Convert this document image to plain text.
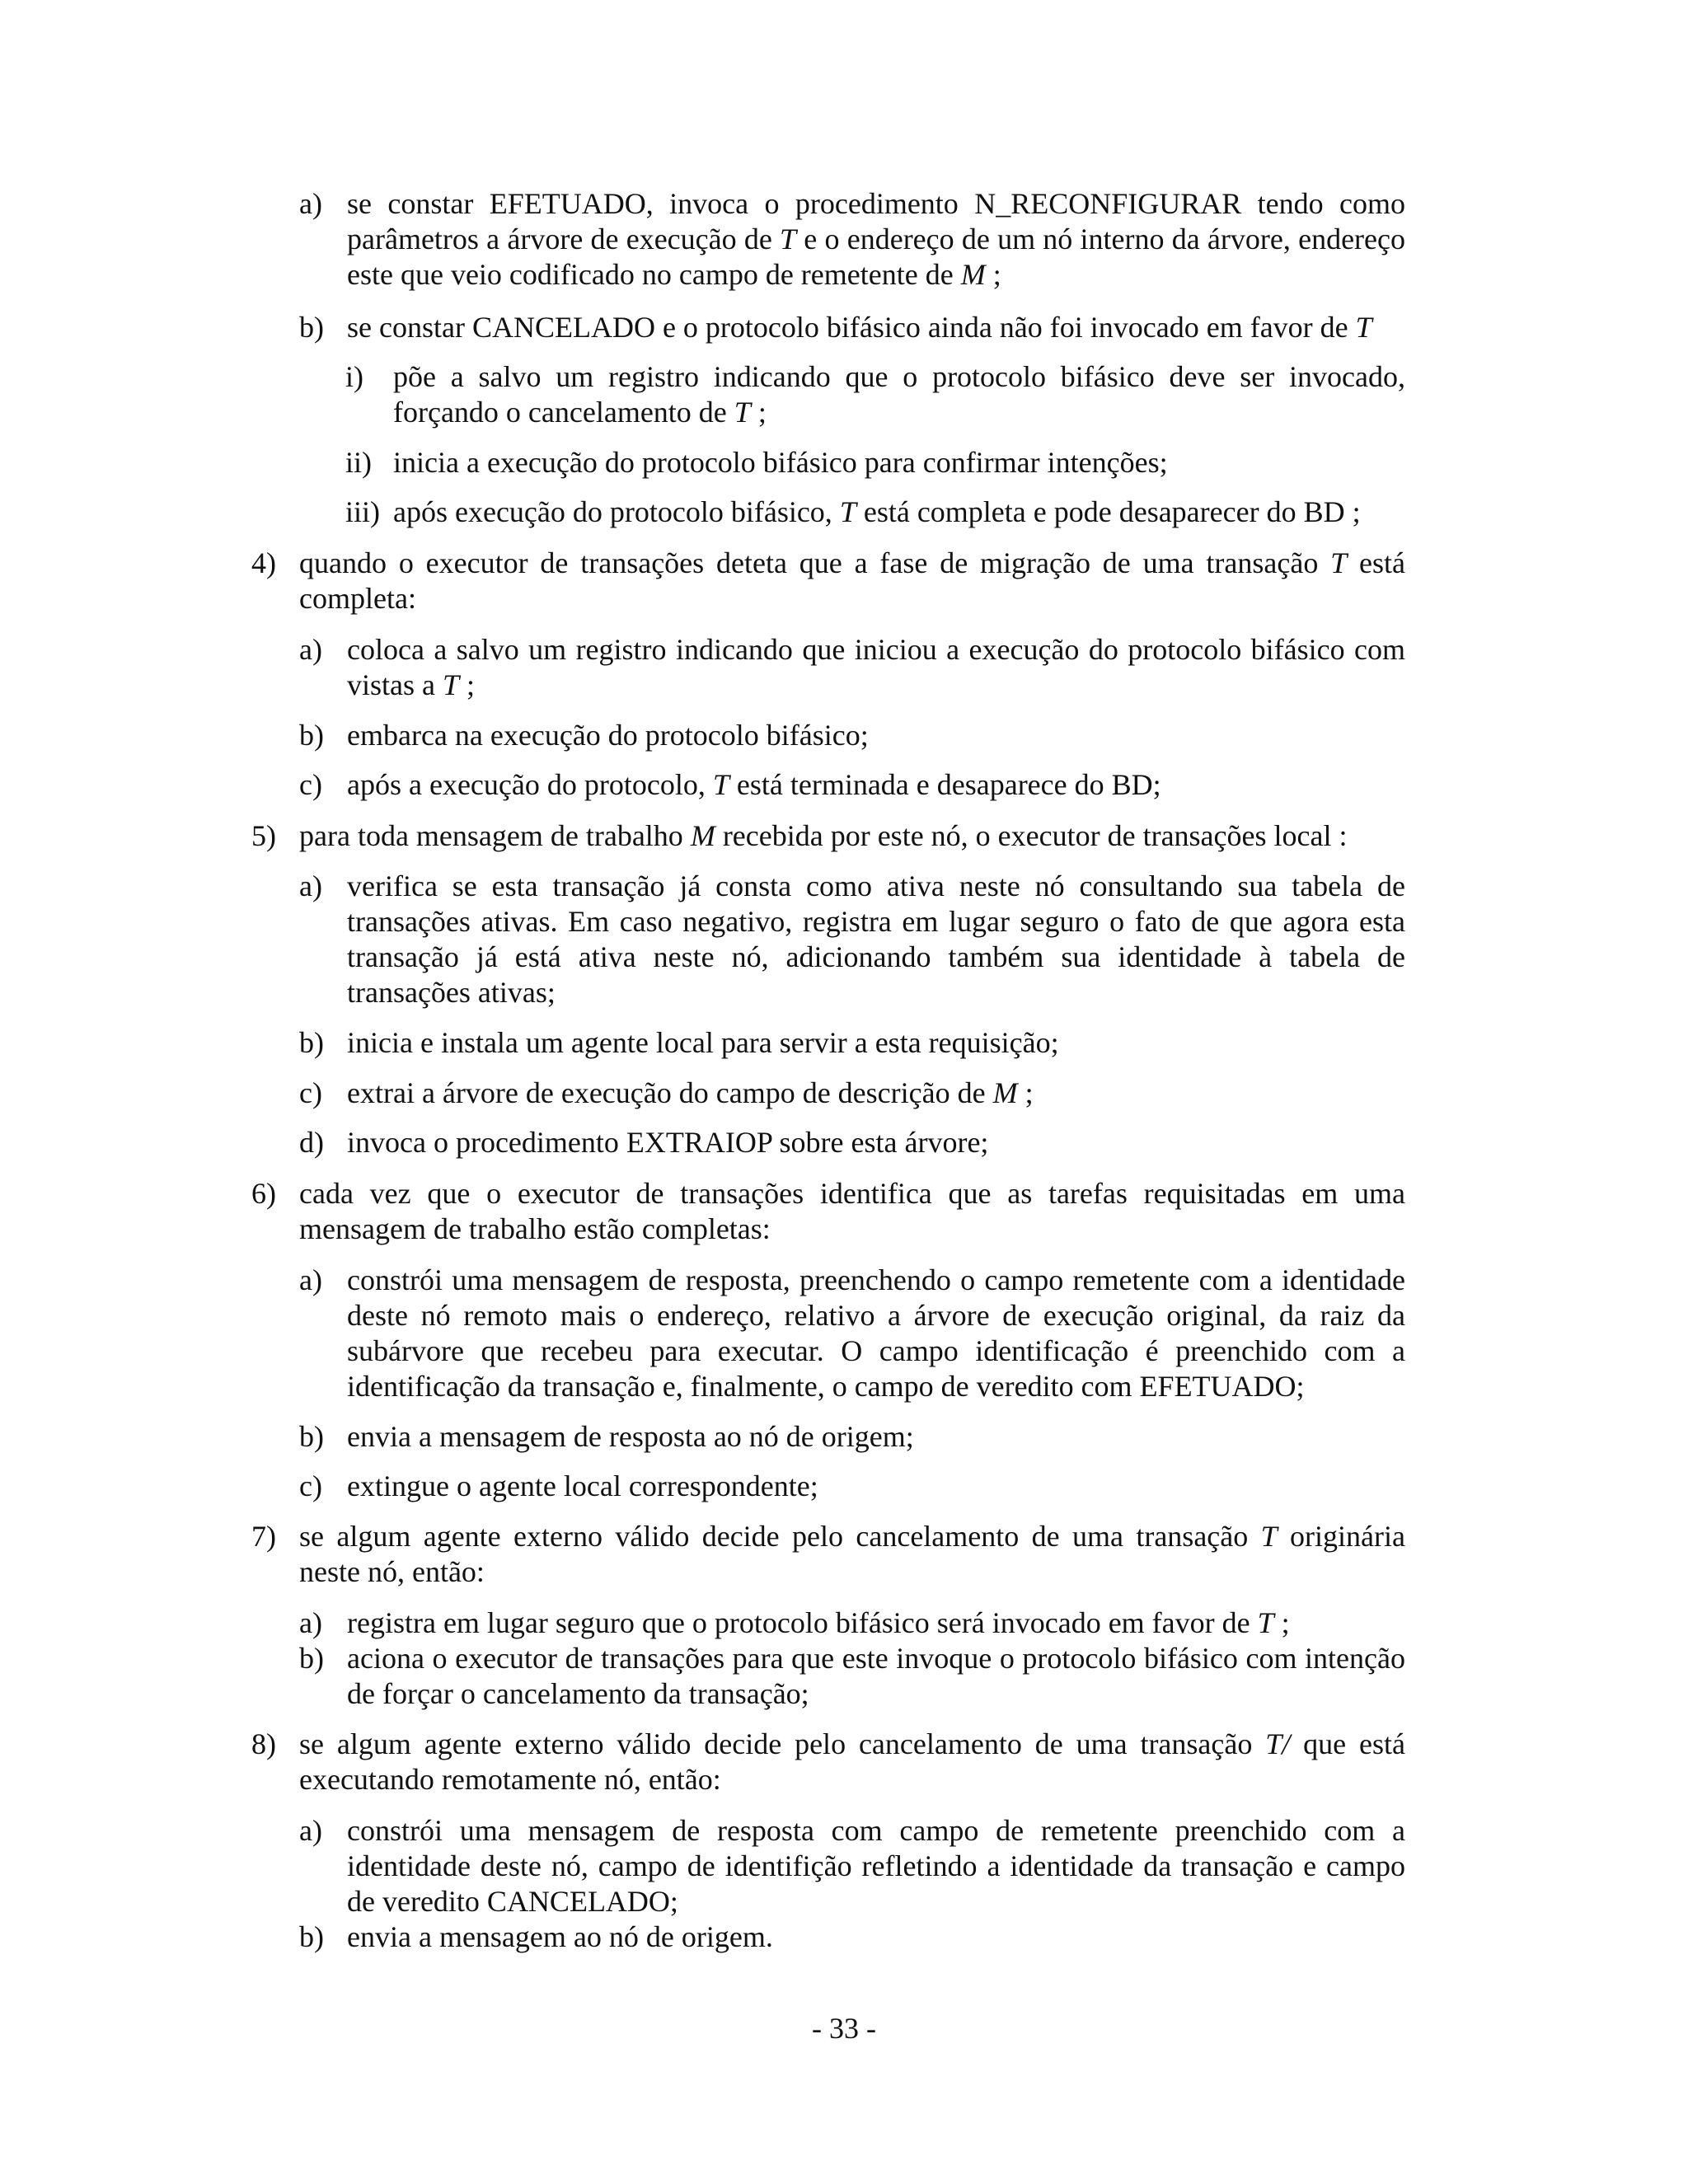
a) se constar EFETUADO, invoca o procedimento N_RECONFIGURAR tendo como parâmetros a árvore de execução de T e o endereço de um nó interno da árvore, endereço este que veio codificado no campo de remetente de M ;
b) se constar CANCELADO e o protocolo bifásico ainda não foi invocado em favor de T
i) põe a salvo um registro indicando que o protocolo bifásico deve ser invocado, forçando o cancelamento de T ;
ii) inicia a execução do protocolo bifásico para confirmar intenções;
iii) após execução do protocolo bifásico, T está completa e pode desaparecer do BD ;
4) quando o executor de transações deteta que a fase de migração de uma transação T está completa:
a) coloca a salvo um registro indicando que iniciou a execução do protocolo bifásico com vistas a T ;
b) embarca na execução do protocolo bifásico;
c) após a execução do protocolo, T está terminada e desaparece do BD;
5) para toda mensagem de trabalho M recebida por este nó, o executor de transações local :
a) verifica se esta transação já consta como ativa neste nó consultando sua tabela de transações ativas. Em caso negativo, registra em lugar seguro o fato de que agora esta transação já está ativa neste nó, adicionando também sua identidade à tabela de transações ativas;
b) inicia e instala um agente local para servir a esta requisição;
c) extrai a árvore de execução do campo de descrição de M ;
d) invoca o procedimento EXTRAIOP sobre esta árvore;
6) cada vez que o executor de transações identifica que as tarefas requisitadas em uma mensagem de trabalho estão completas:
a) constrói uma mensagem de resposta, preenchendo o campo remetente com a identidade deste nó remoto mais o endereço, relativo a árvore de execução original, da raiz da subárvore que recebeu para executar. O campo identificação é preenchido com a identificação da transação e, finalmente, o campo de veredito com EFETUADO;
b) envia a mensagem de resposta ao nó de origem;
c) extingue o agente local correspondente;
7) se algum agente externo válido decide pelo cancelamento de uma transação T originária neste nó, então:
a) registra em lugar seguro que o protocolo bifásico será invocado em favor de T ;
b) aciona o executor de transações para que este invoque o protocolo bifásico com intenção de forçar o cancelamento da transação;
8) se algum agente externo válido decide pelo cancelamento de uma transação T/ que está executando remotamente nó, então:
a) constrói uma mensagem de resposta com campo de remetente preenchido com a identidade deste nó, campo de identifição refletindo a identidade da transação e campo de veredito CANCELADO;
b) envia a mensagem ao nó de origem.
- 33 -
